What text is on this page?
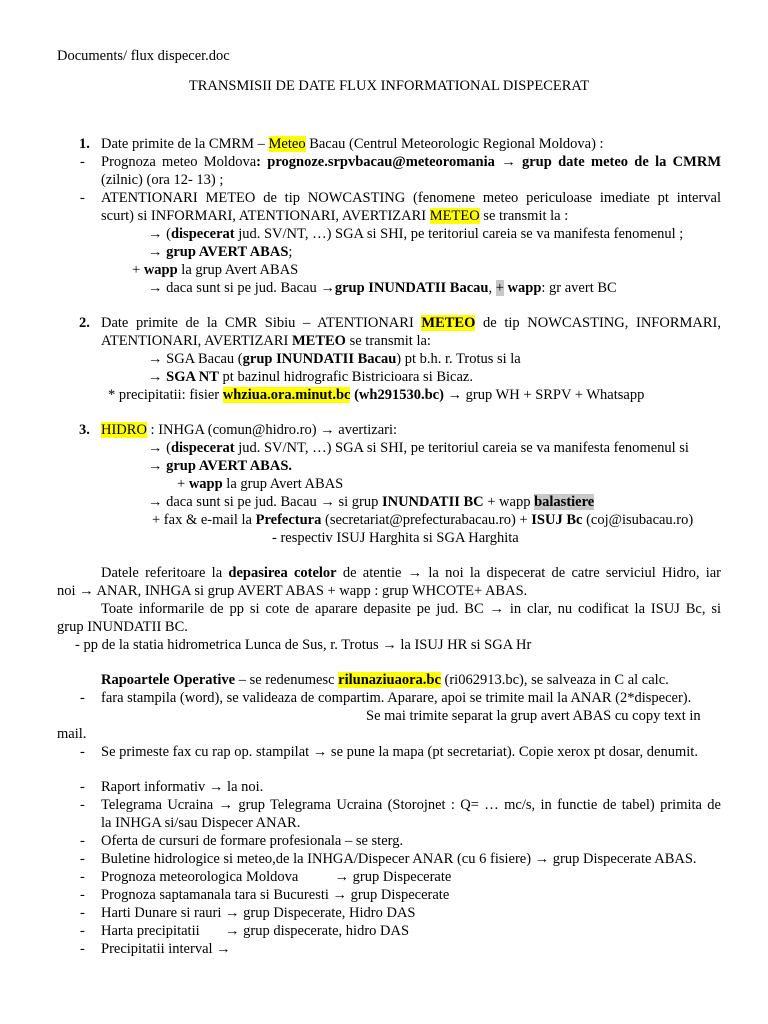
Documents/ flux dispecer.doc
TRANSMISII DE DATE FLUX INFORMATIONAL DISPECERAT
1. Date primite de la CMRM – Meteo Bacau (Centrul Meteorologic Regional Moldova) :
- Prognoza meteo Moldova: prognoze.srpvbacau@meteoromania → grup date meteo de la CMRM
(zilnic) (ora 12- 13) ;
- ATENTIONARI METEO de tip NOWCASTING (fenomene meteo periculoase imediate pt interval
scurt) si INFORMARI, ATENTIONARI, AVERTIZARI METEO se transmit la :
→ (dispecerat jud. SV/NT, …) SGA si SHI, pe teritoriul careia se va manifesta fenomenul ;
→ grup AVERT ABAS;
+ wapp la grup Avert ABAS
→ daca sunt si pe jud. Bacau →grup INUNDATII Bacau, + wapp: gr avert BC
2. Date primite de la CMR Sibiu – ATENTIONARI METEO de tip NOWCASTING, INFORMARI,
ATENTIONARI, AVERTIZARI METEO se transmit la:
→ SGA Bacau (grup INUNDATII Bacau) pt b.h. r. Trotus si la
→ SGA NT pt bazinul hidrografic Bistricioara si Bicaz.
* precipitatii: fisier whziua.ora.minut.bc (wh291530.bc) → grup WH + SRPV + Whatsapp
3. HIDRO : INHGA (comun@hidro.ro) → avertizari:
→ (dispecerat jud. SV/NT, …) SGA si SHI, pe teritoriul careia se va manifesta fenomenul si
→ grup AVERT ABAS.
+ wapp la grup Avert ABAS
→ daca sunt si pe jud. Bacau → si grup INUNDATII BC + wapp balastiere
+ fax & e-mail la Prefectura (secretariat@prefecturabacau.ro) + ISUJ Bc (coj@isubacau.ro)
- respectiv ISUJ Harghita si SGA Harghita
Datele referitoare la depasirea cotelor de atentie → la noi la dispecerat de catre serviciul Hidro, iar
noi → ANAR, INHGA si grup AVERT ABAS + wapp : grup WHCOTE+ ABAS.
Toate informarile de pp si cote de aparare depasite pe jud. BC → in clar, nu codificat la ISUJ Bc, si
grup INUNDATII BC.
- pp de la statia hidrometrica Lunca de Sus, r. Trotus → la ISUJ HR si SGA Hr
Rapoartele Operative – se redenumesc rilunaziuaora.bc (ri062913.bc), se salveaza in C al calc.
- fara stampila (word), se valideaza de compartim. Aparare, apoi se trimite mail la ANAR (2*dispecer).
Se mai trimite separat la grup avert ABAS cu copy text in
mail.
- Se primeste fax cu rap op. stampilat → se pune la mapa (pt secretariat). Copie xerox pt dosar, denumit.
- Raport informativ → la noi.
- Telegrama Ucraina → grup Telegrama Ucraina (Storojnet : Q= … mc/s, in functie de tabel) primita de
la INHGA si/sau Dispecer ANAR.
- Oferta de cursuri de formare profesionala – se sterg.
- Buletine hidrologice si meteo,de la INHGA/Dispecer ANAR (cu 6 fisiere) → grup Dispecerate ABAS.
- Prognoza meteorologica Moldova          → grup Dispecerate
- Prognoza saptamanala tara si Bucuresti → grup Dispecerate
- Harti Dunare si rauri → grup Dispecerate, Hidro DAS
- Harta precipitatii       → grup dispecerate, hidro DAS
- Precipitatii interval →
